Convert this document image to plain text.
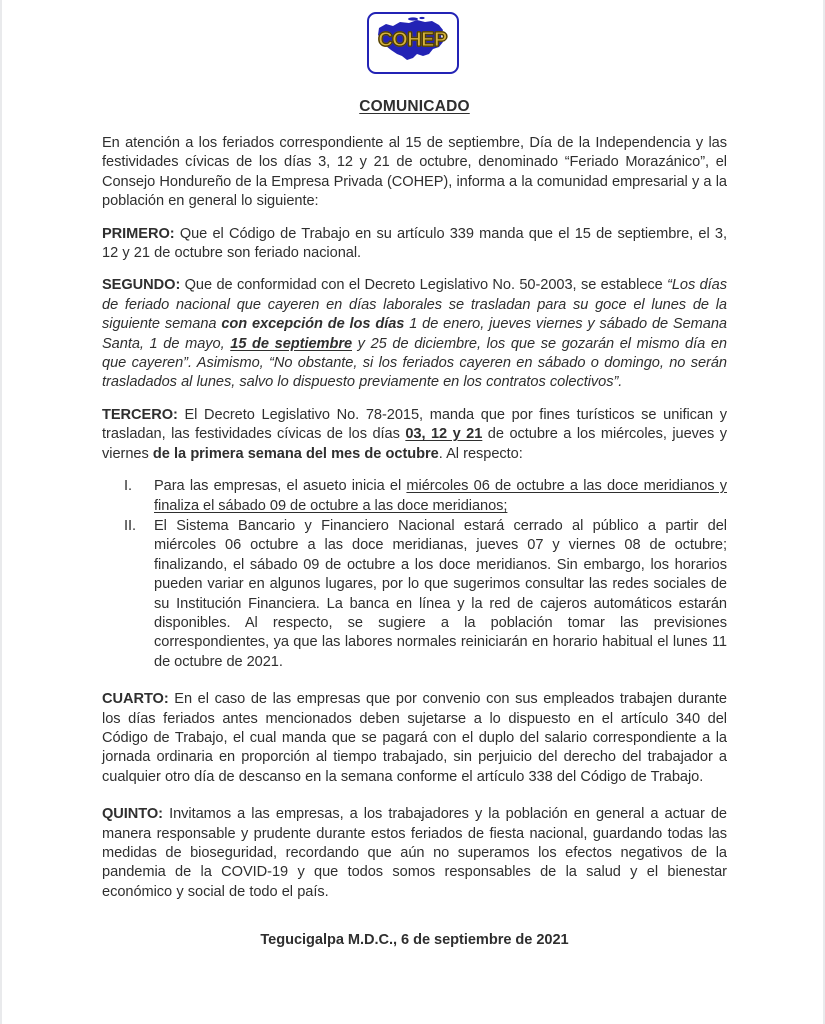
COHEP
COMUNICADO

En atención a los feriados correspondiente al 15 de septiembre, Día de la Independencia y las festividades cívicas de los días 3, 12 y 21 de octubre, denominado “Feriado Morazánico”, el Consejo Hondureño de la Empresa Privada (COHEP), informa a la comunidad empresarial y a la población en general lo siguiente:

PRIMERO: Que el Código de Trabajo en su artículo 339 manda que el 15 de septiembre, el 3, 12 y 21 de octubre son feriado nacional.

SEGUNDO: Que de conformidad con el Decreto Legislativo No. 50-2003, se establece “Los días de feriado nacional que cayeren en días laborales se trasladan para su goce el lunes de la siguiente semana con excepción de los días 1 de enero, jueves viernes y sábado de Semana Santa, 1 de mayo, 15 de septiembre y 25 de diciembre, los que se gozarán el mismo día en que cayeren”. Asimismo, “No obstante, si los feriados cayeren en sábado o domingo, no serán trasladados al lunes, salvo lo dispuesto previamente en los contratos colectivos”.

TERCERO: El Decreto Legislativo No. 78-2015, manda que por fines turísticos se unifican y trasladan, las festividades cívicas de los días 03, 12 y 21 de octubre a los miércoles, jueves y viernes de la primera semana del mes de octubre. Al respecto:

I.	Para las empresas, el asueto inicia el miércoles 06 de octubre a las doce meridianos y finaliza el sábado 09 de octubre a las doce meridianos;
II.	El Sistema Bancario y Financiero Nacional estará cerrado al público a partir del miércoles 06 octubre a las doce meridianas, jueves 07 y viernes 08 de octubre; finalizando, el sábado 09 de octubre a los doce meridianos. Sin embargo, los horarios pueden variar en algunos lugares, por lo que sugerimos consultar las redes sociales de su Institución Financiera. La banca en línea y la red de cajeros automáticos estarán disponibles. Al respecto, se sugiere a la población tomar las previsiones correspondientes, ya que las labores normales reiniciarán en horario habitual el lunes 11 de octubre de 2021.

CUARTO: En el caso de las empresas que por convenio con sus empleados trabajen durante los días feriados antes mencionados deben sujetarse a lo dispuesto en el artículo 340 del Código de Trabajo, el cual manda que se pagará con el duplo del salario correspondiente a la jornada ordinaria en proporción al tiempo trabajado, sin perjuicio del derecho del trabajador a cualquier otro día de descanso en la semana conforme el artículo 338 del Código de Trabajo.

QUINTO: Invitamos a las empresas, a los trabajadores y la población en general a actuar de manera responsable y prudente durante estos feriados de fiesta nacional, guardando todas las medidas de bioseguridad, recordando que aún no superamos los efectos negativos de la pandemia de la COVID-19 y que todos somos responsables de la salud y el bienestar económico y social de todo el país.

Tegucigalpa M.D.C., 6 de septiembre de 2021
